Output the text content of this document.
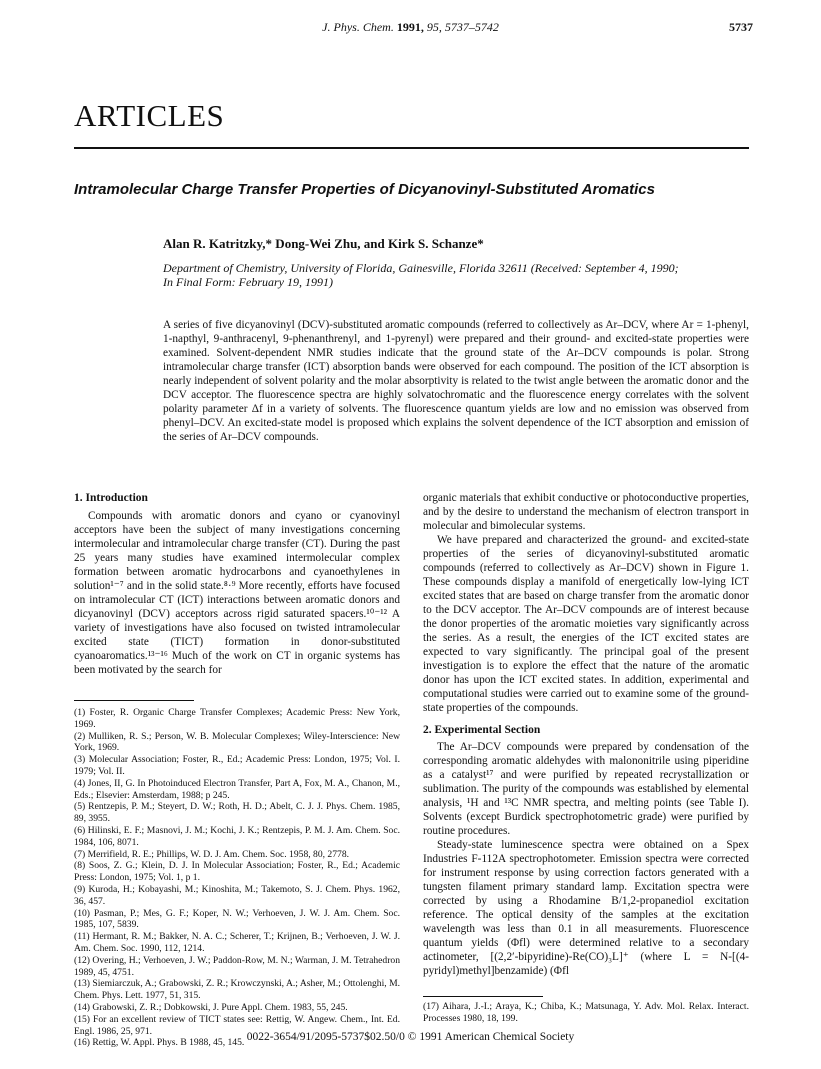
J. Phys. Chem. 1991, 95, 5737–5742	5737
ARTICLES
Intramolecular Charge Transfer Properties of Dicyanovinyl-Substituted Aromatics
Alan R. Katritzky,* Dong-Wei Zhu, and Kirk S. Schanze*
Department of Chemistry, University of Florida, Gainesville, Florida 32611 (Received: September 4, 1990;
In Final Form: February 19, 1991)
A series of five dicyanovinyl (DCV)-substituted aromatic compounds (referred to collectively as Ar–DCV, where Ar = 1-phenyl, 1-napthyl, 9-anthracenyl, 9-phenanthrenyl, and 1-pyrenyl) were prepared and their ground- and excited-state properties were examined. Solvent-dependent NMR studies indicate that the ground state of the Ar–DCV compounds is polar. Strong intramolecular charge transfer (ICT) absorption bands were observed for each compound. The position of the ICT absorption is nearly independent of solvent polarity and the molar absorptivity is related to the twist angle between the aromatic donor and the DCV acceptor. The fluorescence spectra are highly solvatochromatic and the fluorescence energy correlates with the solvent polarity parameter Δf in a variety of solvents. The fluorescence quantum yields are low and no emission was observed from phenyl–DCV. An excited-state model is proposed which explains the solvent dependence of the ICT absorption and emission of the series of Ar–DCV compounds.
1. Introduction

Compounds with aromatic donors and cyano or cyanovinyl acceptors have been the subject of many investigations concerning intermolecular and intramolecular charge transfer (CT). During the past 25 years many studies have examined intermolecular complex formation between aromatic hydrocarbons and cyanoethylenes in solution¹⁻⁷ and in the solid state.⁸·⁹ More recently, efforts have focused on intramolecular CT (ICT) interactions between aromatic donors and dicyanovinyl (DCV) acceptors across rigid saturated spacers.¹⁰⁻¹² A variety of investigations have also focused on twisted intramolecular excited state (TICT) formation in donor-substituted cyanoaromatics.¹³⁻¹⁶ Much of the work on CT in organic systems has been motivated by the search for

(1) Foster, R. Organic Charge Transfer Complexes; Academic Press: New York, 1969.
(2) Mulliken, R. S.; Person, W. B. Molecular Complexes; Wiley-Interscience: New York, 1969.
(3) Molecular Association; Foster, R., Ed.; Academic Press: London, 1975; Vol. I. 1979; Vol. II.
(4) Jones, II, G. In Photoinduced Electron Transfer, Part A, Fox, M. A., Chanon, M., Eds.; Elsevier: Amsterdam, 1988; p 245.
(5) Rentzepis, P. M.; Steyert, D. W.; Roth, H. D.; Abelt, C. J. J. Phys. Chem. 1985, 89, 3955.
(6) Hilinski, E. F.; Masnovi, J. M.; Kochi, J. K.; Rentzepis, P. M. J. Am. Chem. Soc. 1984, 106, 8071.
(7) Merrifield, R. E.; Phillips, W. D. J. Am. Chem. Soc. 1958, 80, 2778.
(8) Soos, Z. G.; Klein, D. J. In Molecular Association; Foster, R., Ed.; Academic Press: London, 1975; Vol. 1, p 1.
(9) Kuroda, H.; Kobayashi, M.; Kinoshita, M.; Takemoto, S. J. Chem. Phys. 1962, 36, 457.
(10) Pasman, P.; Mes, G. F.; Koper, N. W.; Verhoeven, J. W. J. Am. Chem. Soc. 1985, 107, 5839.
(11) Hermant, R. M.; Bakker, N. A. C.; Scherer, T.; Krijnen, B.; Verhoeven, J. W. J. Am. Chem. Soc. 1990, 112, 1214.
(12) Overing, H.; Verhoeven, J. W.; Paddon-Row, M. N.; Warman, J. M. Tetrahedron 1989, 45, 4751.
(13) Siemiarczuk, A.; Grabowski, Z. R.; Krowczynski, A.; Asher, M.; Ottolenghi, M. Chem. Phys. Lett. 1977, 51, 315.
(14) Grabowski, Z. R.; Dobkowski, J. Pure Appl. Chem. 1983, 55, 245.
(15) For an excellent review of TICT states see: Rettig, W. Angew. Chem., Int. Ed. Engl. 1986, 25, 971.
(16) Rettig, W. Appl. Phys. B 1988, 45, 145.

organic materials that exhibit conductive or photoconductive properties, and by the desire to understand the mechanism of electron transport in molecular and bimolecular systems.

We have prepared and characterized the ground- and excited-state properties of the series of dicyanovinyl-substituted aromatic compounds (referred to collectively as Ar–DCV) shown in Figure 1. These compounds display a manifold of energetically low-lying ICT excited states that are based on charge transfer from the aromatic donor to the DCV acceptor. The Ar–DCV compounds are of interest because the donor properties of the aromatic moieties vary significantly across the series. As a result, the energies of the ICT excited states are expected to vary significantly. The principal goal of the present investigation is to explore the effect that the nature of the aromatic donor has upon the ICT excited states. In addition, experimental and computational studies were carried out to examine some of the ground-state properties of the compounds.

2. Experimental Section

The Ar–DCV compounds were prepared by condensation of the corresponding aromatic aldehydes with malononitrile using piperidine as a catalyst¹⁷ and were purified by repeated recrystallization or sublimation. The purity of the compounds was established by elemental analysis, ¹H and ¹³C NMR spectra, and melting points (see Table I). Solvents (except Burdick spectrophotometric grade) were purified by routine procedures.

Steady-state luminescence spectra were obtained on a Spex Industries F-112A spectrophotometer. Emission spectra were corrected for instrument response by using correction factors generated with a tungsten filament primary standard lamp. Excitation spectra were corrected by using a Rhodamine B/1,2-propanediol excitation reference. The optical density of the samples at the excitation wavelength was less than 0.1 in all measurements. Fluorescence quantum yields (Φfl) were determined relative to a secondary actinometer, [(2,2′-bipyridine)-Re(CO)₃L]⁺ (where L = N-[(4-pyridyl)methyl]benzamide) (Φfl

(17) Aihara, J.-I.; Araya, K.; Chiba, K.; Matsunaga, Y. Adv. Mol. Relax. Interact. Processes 1980, 18, 199.
0022-3654/91/2095-5737$02.50/0 © 1991 American Chemical Society
